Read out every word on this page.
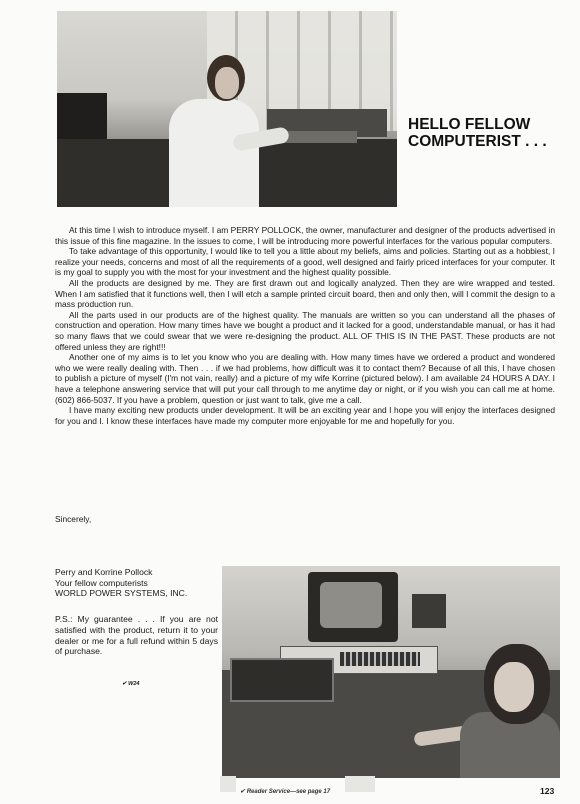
HELLO FELLOW
COMPUTERIST . . .

At this time I wish to introduce myself. I am PERRY POLLOCK, the owner, manufacturer and designer of the products advertised in this issue of this fine magazine. In the issues to come, I will be introducing more powerful interfaces for the various popular computers.

To take advantage of this opportunity, I would like to tell you a little about my beliefs, aims and policies. Starting out as a hobbiest, I realize your needs, concerns and most of all the requirements of a good, well designed and fairly priced interfaces for your computer. It is my goal to supply you with the most for your investment and the highest quality possible.

All the products are designed by me. They are first drawn out and logically analyzed. Then they are wire wrapped and tested. When I am satisfied that it functions well, then I will etch a sample printed circuit board, then and only then, will I commit the design to a mass production run.

All the parts used in our products are of the highest quality. The manuals are written so you can understand all the phases of construction and operation. How many times have we bought a product and it lacked for a good, understandable manual, or has it had so many flaws that we could swear that we were re-designing the product. ALL OF THIS IS IN THE PAST. These products are not offered unless they are right!!!

Another one of my aims is to let you know who you are dealing with. How many times have we ordered a product and wondered who we were really dealing with. Then . . . if we had problems, how difficult was it to contact them? Because of all this, I have chosen to publish a picture of myself (I'm not vain, really) and a picture of my wife Korrine (pictured below). I am available 24 HOURS A DAY. I have a telephone answering service that will put your call through to me anytime day or night, or if you wish you can call me at home. (602) 866-5037. If you have a problem, question or just want to talk, give me a call.

I have many exciting new products under development. It will be an exciting year and I hope you will enjoy the interfaces designed for you and I. I know these interfaces have made my computer more enjoyable for me and hopefully for you.

Sincerely,
Perry and Korrine Pollock
Your fellow computerists
WORLD POWER SYSTEMS, INC.
P.S.: My guarantee . . . If you are not satisfied with the product, return it to your dealer or me for a full refund within 5 days of purchase.
✔ W24
✔ Reader Service—see page 17	123
